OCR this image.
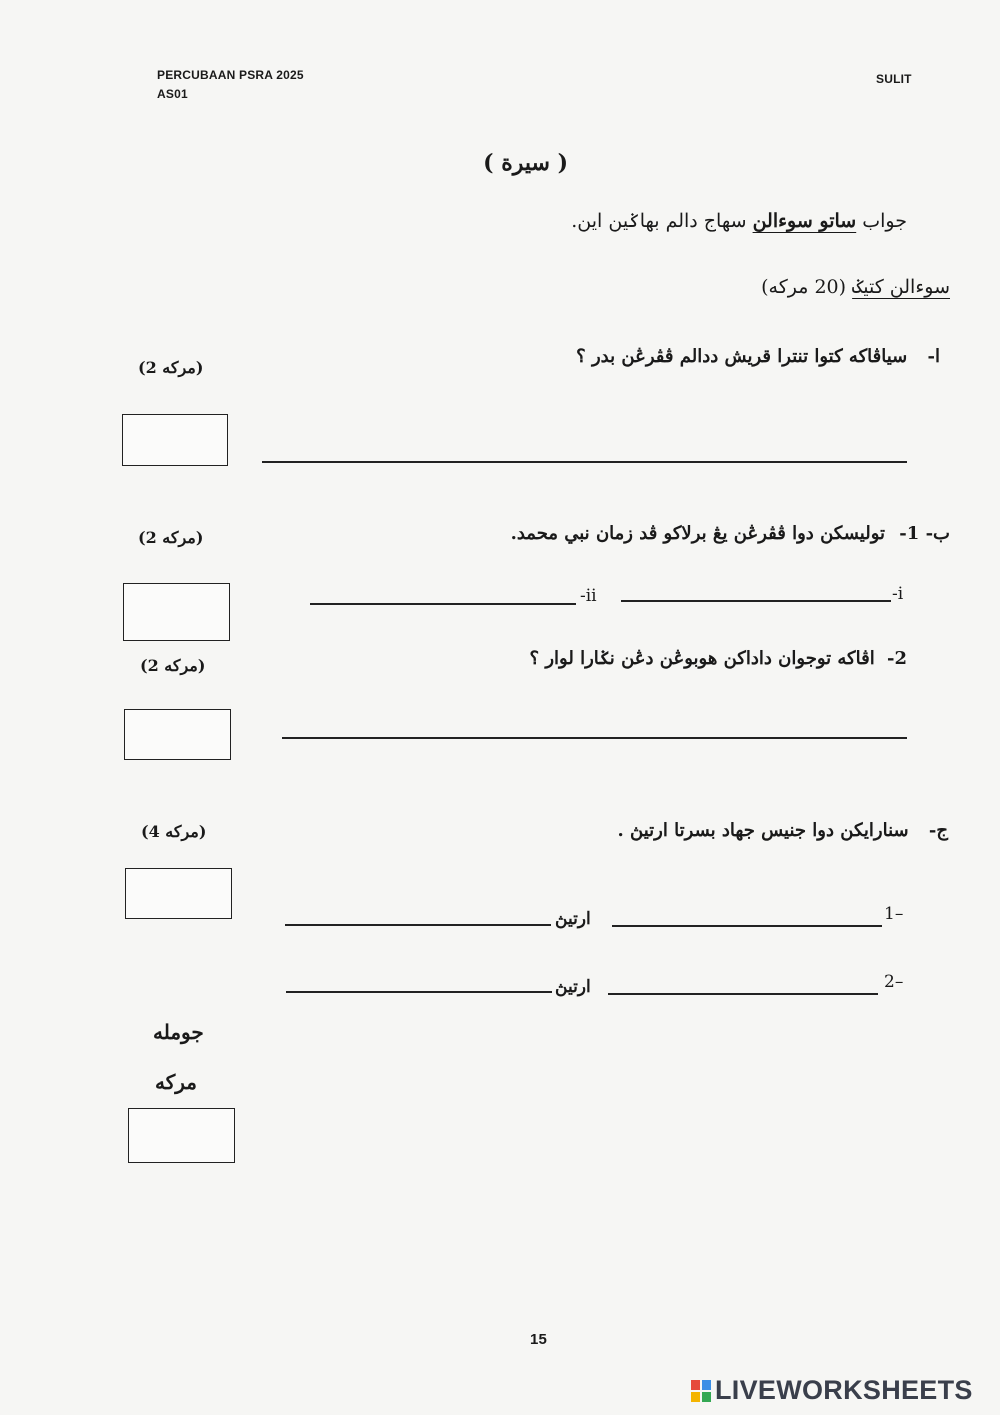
PERCUBAAN PSRA 2025
AS01
SULIT
( سيرة )
جواب ساتو سوءالن سهاج دالم بهاݢين اين.
سوءالن كتيݢ (20 مركه)
ا- سياڤاكه كتوا تنترا قريش ددالم ڤڤرڠن بدر ؟
(2 مركه)
ب- 1- توليسكن دوا ڤڤرڠن يڠ برلاكو ڤد زمان نبي محمد.
(2 مركه)
-i
-ii
2- اڤاكه توجوان داداكن هوبوڠن دڠن نݢارا لوار ؟
(2 مركه)
ج- سنارايكن دوا جنيس جهاد بسرتا ارتيڽ .
(4 مركه)
1–
ارتيڽ
2–
ارتيڽ
جومله
مركه
15
LIVEWORKSHEETS
